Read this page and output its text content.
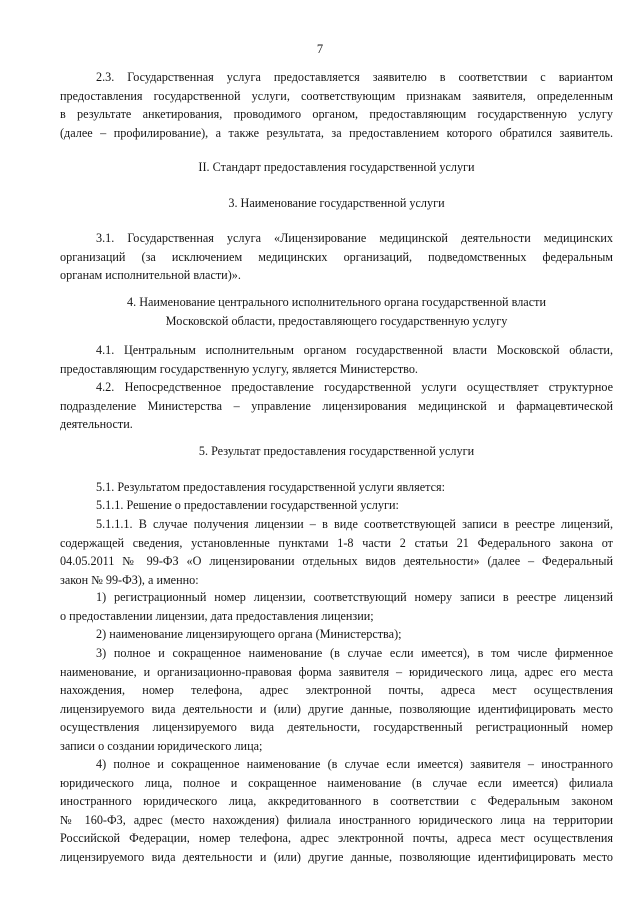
7
2.3. Государственная услуга предоставляется заявителю в соответствии с вариантом
предоставления государственной услуги, соответствующим признакам заявителя, определенным
в результате анкетирования, проводимого органом, предоставляющим государственную услугу
(далее – профилирование), а также результата, за предоставлением которого обратился заявитель.
II. Стандарт предоставления государственной услуги
3. Наименование государственной услуги
3.1. Государственная услуга «Лицензирование медицинской деятельности медицинских
организаций (за исключением медицинских организаций, подведомственных федеральным
органам исполнительной власти)».
4. Наименование центрального исполнительного органа государственной власти
Московской области, предоставляющего государственную услугу
4.1. Центральным исполнительным органом государственной власти Московской области,
предоставляющим государственную услугу, является Министерство.
4.2. Непосредственное предоставление государственной услуги осуществляет структурное
подразделение Министерства – управление лицензирования медицинской и фармацевтической
деятельности.
5. Результат предоставления государственной услуги
5.1. Результатом предоставления государственной услуги является:
5.1.1. Решение о предоставлении государственной услуги:
5.1.1.1. В случае получения лицензии – в виде соответствующей записи в реестре лицензий,
содержащей сведения, установленные пунктами 1-8 части 2 статьи 21 Федерального закона от
04.05.2011 № 99-ФЗ «О лицензировании отдельных видов деятельности» (далее – Федеральный
закон № 99-ФЗ), а именно:
1) регистрационный номер лицензии, соответствующий номеру записи в реестре лицензий
о предоставлении лицензии, дата предоставления лицензии;
2) наименование лицензирующего органа (Министерства);
3) полное и сокращенное наименование (в случае если имеется), в том числе фирменное
наименование, и организационно-правовая форма заявителя – юридического лица, адрес его места
нахождения, номер телефона, адрес электронной почты, адреса мест осуществления
лицензируемого вида деятельности и (или) другие данные, позволяющие идентифицировать место
осуществления лицензируемого вида деятельности, государственный регистрационный номер
записи о создании юридического лица;
4) полное и сокращенное наименование (в случае если имеется) заявителя – иностранного
юридического лица, полное и сокращенное наименование (в случае если имеется) филиала
иностранного юридического лица, аккредитованного в соответствии с Федеральным законом
№ 160-ФЗ, адрес (место нахождения) филиала иностранного юридического лица на территории
Российской Федерации, номер телефона, адрес электронной почты, адреса мест осуществления
лицензируемого вида деятельности и (или) другие данные, позволяющие идентифицировать место
